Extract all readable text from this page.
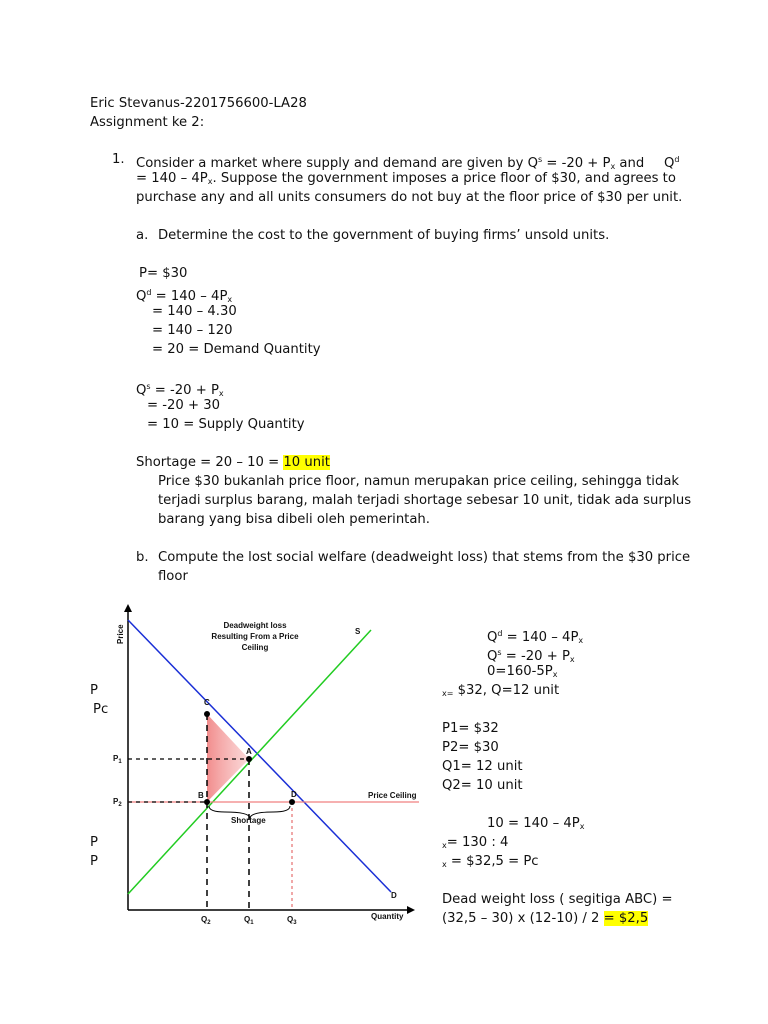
Eric Stevanus-2201756600-LA28
Assignment ke 2:
1. Consider a market where supply and demand are given by $Q^s = -20 + P_x$ and $Q^d$
= $140 - 4P_x$. Suppose the government imposes a price floor of $30, and agrees to
purchase any and all units consumers do not buy at the floor price of $30 per unit.
a. Determine the cost to the government of buying firms’ unsold units.
P= $30
$Q^d = 140 - 4P_x$
= 140 – 4.30
= 140 – 120
= 20 = Demand Quantity
$Q^s = -20 + P_x$
= -20 + 30
= 10 = Supply Quantity
Shortage = 20 – 10 = 10 unit
Price $30 bukanlah price floor, namun merupakan price ceiling, sehingga tidak
terjadi surplus barang, malah terjadi shortage sebesar 10 unit, tidak ada surplus
barang yang bisa dibeli oleh pemerintah.
b. Compute the lost social welfare (deadweight loss) that stems from the $30 price
floor
P
Pc
P
P
Deadweight loss
Resulting From a Price
Ceiling
Price
Quantity
S
D
Price Ceiling
Shortage
C
A
B	D
$P_1$
$P_2$
$Q_2$	$Q_1$	$Q_3$
$Q^d = 140 - 4P_x$
$Q^s = -20 + P_x$
$0=160-5P_x$
$_{x=}$ $32, Q=12 unit
P1= $32
P2= $30
Q1= 12 unit
Q2= 10 unit
$10 = 140 - 4P_x$
$_x$= 130 : 4
$_x$ = $32,5 = Pc
Dead weight loss ( segitiga ABC) =
(32,5 – 30) x (12-10) / 2 = $2,5
